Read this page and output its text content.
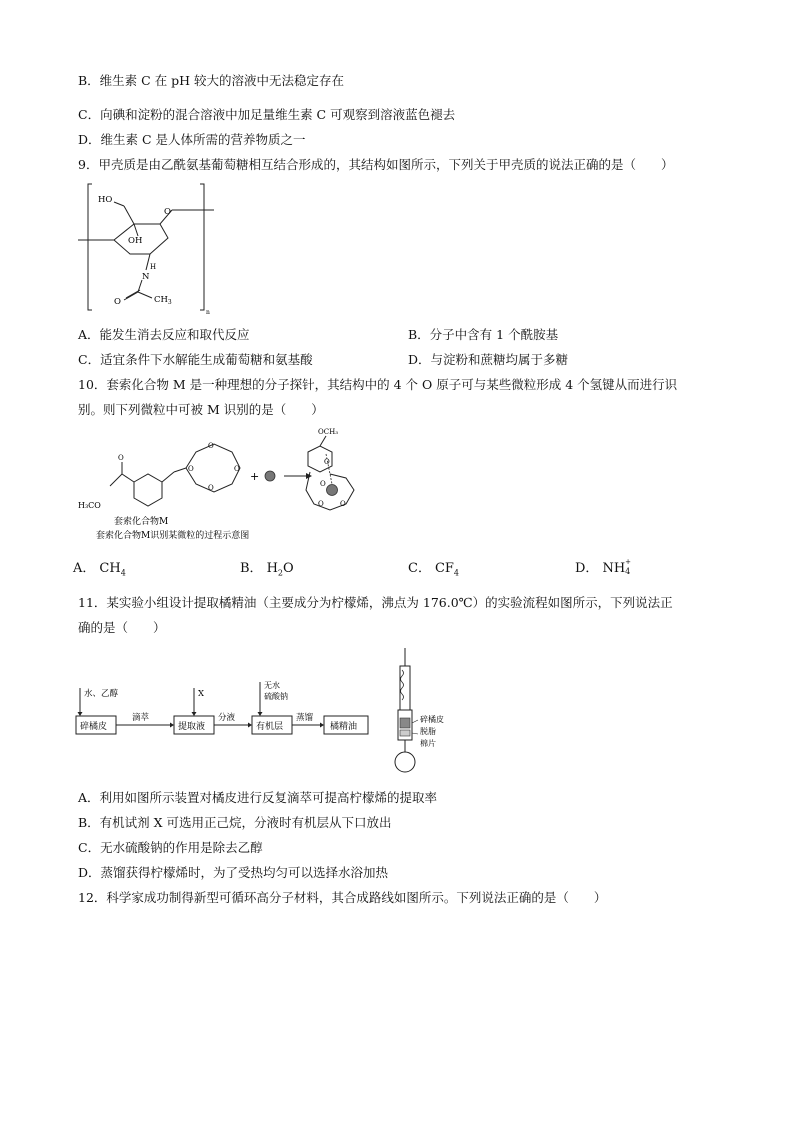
B．维生素 C 在 pH 较大的溶液中无法稳定存在
C．向碘和淀粉的混合溶液中加足量维生素 C 可观察到溶液蓝色褪去
D．维生素 C 是人体所需的营养物质之一
9．甲壳质是由乙酰氨基葡萄糖相互结合形成的，其结构如图所示，下列关于甲壳质的说法正确的是（　　）
HO
OH
O
N
H
O	$CH_3$
n
A．能发生消去反应和取代反应	B．分子中含有 1 个酰胺基
C．适宜条件下水解能生成葡萄糖和氨基酸	D．与淀粉和蔗糖均属于多糖
10．套索化合物 M 是一种理想的分子探针，其结构中的 4 个 O 原子可与某些微粒形成 4 个氢键从而进行识
别。则下列微粒中可被 M 识别的是（　　）
O
O
O
O
O
H₃CO
+
OCH₃
O
O O
O
套索化合物M
套索化合物M识别某微粒的过程示意图
A． $CH_4$	B． $H_2O$	C． $CF_4$	D． NH +
4
11．某实验小组设计提取橘精油（主要成分为柠檬烯，沸点为 176.0℃）的实验流程如图所示，下列说法正
确的是（　　）
碎橘皮	提取液	有机层	橘精油
滴萃	分液	蒸馏
水、乙醇	X
无水
硫酸钠
碎橘皮
脱脂
棉片
A．利用如图所示装置对橘皮进行反复滴萃可提高柠檬烯的提取率
B．有机试剂 X 可选用正己烷，分液时有机层从下口放出
C．无水硫酸钠的作用是除去乙醇
D．蒸馏获得柠檬烯时，为了受热均匀可以选择水浴加热
12．科学家成功制得新型可循环高分子材料，其合成路线如图所示。下列说法正确的是（　　）
